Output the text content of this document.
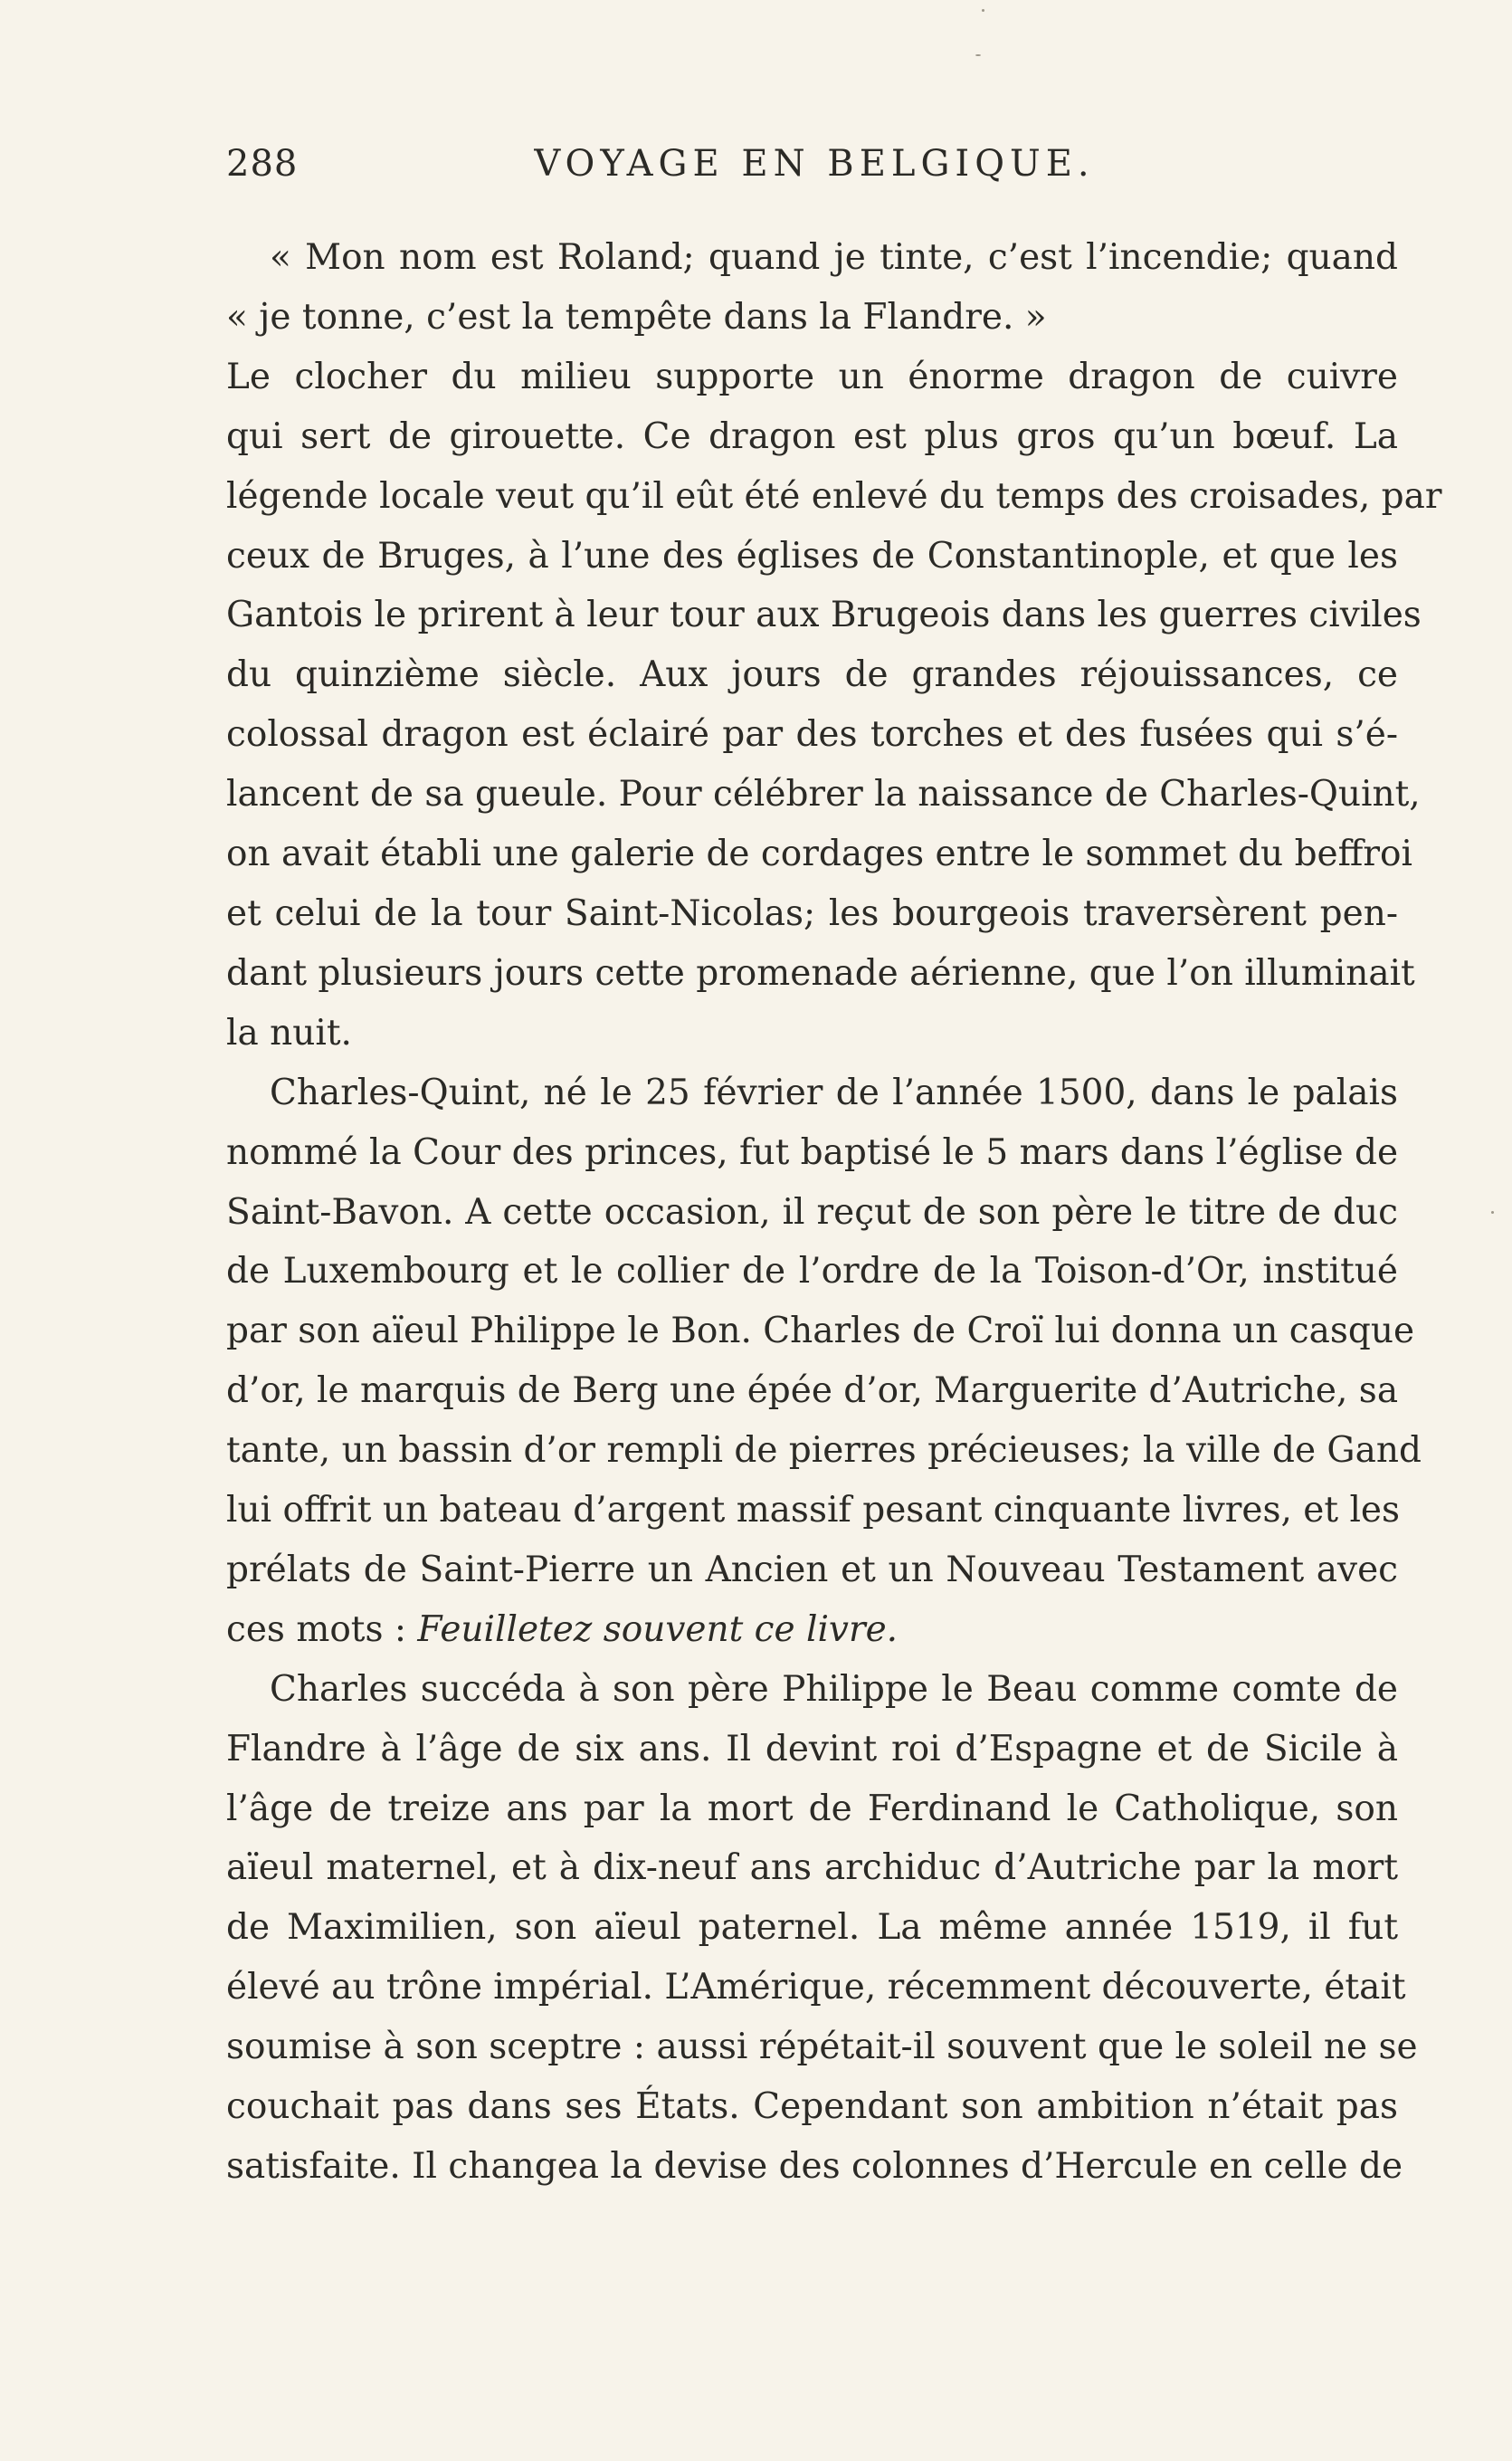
288	VOYAGE EN BELGIQUE.

« Mon nom est Roland; quand je tinte, c’est l’incendie; quand
« je tonne, c’est la tempête dans la Flandre. »

Le clocher du milieu supporte un énorme dragon de cuivre
qui sert de girouette. Ce dragon est plus gros qu’un bœuf. La
légende locale veut qu’il eût été enlevé du temps des croisades, par
ceux de Bruges, à l’une des églises de Constantinople, et que les
Gantois le prirent à leur tour aux Brugeois dans les guerres civiles
du quinzième siècle. Aux jours de grandes réjouissances, ce
colossal dragon est éclairé par des torches et des fusées qui s’é-
lancent de sa gueule. Pour célébrer la naissance de Charles-Quint,
on avait établi une galerie de cordages entre le sommet du beffroi
et celui de la tour Saint-Nicolas; les bourgeois traversèrent pen-
dant plusieurs jours cette promenade aérienne, que l’on illuminait
la nuit.

Charles-Quint, né le 25 février de l’année 1500, dans le palais
nommé la Cour des princes, fut baptisé le 5 mars dans l’église de
Saint-Bavon. A cette occasion, il reçut de son père le titre de duc
de Luxembourg et le collier de l’ordre de la Toison-d’Or, institué
par son aïeul Philippe le Bon. Charles de Croï lui donna un casque
d’or, le marquis de Berg une épée d’or, Marguerite d’Autriche, sa
tante, un bassin d’or rempli de pierres précieuses; la ville de Gand
lui offrit un bateau d’argent massif pesant cinquante livres, et les
prélats de Saint-Pierre un Ancien et un Nouveau Testament avec
ces mots : Feuilletez souvent ce livre.

Charles succéda à son père Philippe le Beau comme comte de
Flandre à l’âge de six ans. Il devint roi d’Espagne et de Sicile à
l’âge de treize ans par la mort de Ferdinand le Catholique, son
aïeul maternel, et à dix-neuf ans archiduc d’Autriche par la mort
de Maximilien, son aïeul paternel. La même année 1519, il fut
élevé au trône impérial. L’Amérique, récemment découverte, était
soumise à son sceptre : aussi répétait-il souvent que le soleil ne se
couchait pas dans ses États. Cependant son ambition n’était pas
satisfaite. Il changea la devise des colonnes d’Hercule en celle de
